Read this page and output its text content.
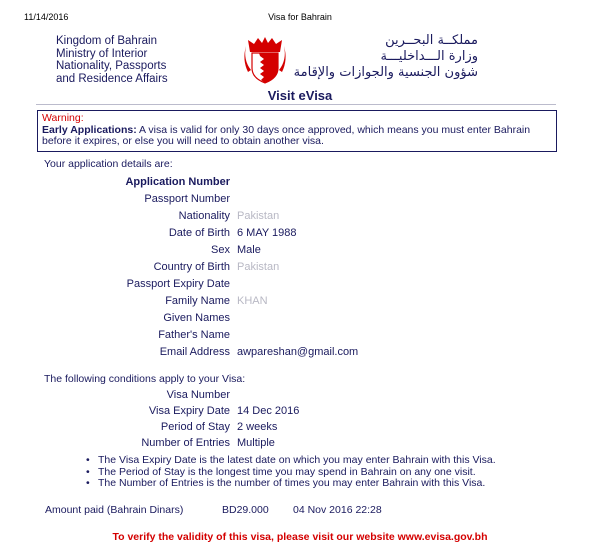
11/14/2016	Visa for Bahrain
Kingdom of Bahrain
Ministry of Interior
Nationality, Passports
and Residence Affairs
مملكــة البحــرين
وزارة الـــداخليـــة
شؤون الجنسية والجوازات والإقامة
Visit eVisa
Warning:
Early Applications: A visa is valid for only 30 days once approved, which means you must enter Bahrain before it expires, or else you will need to obtain another visa.
Your application details are:
Application Number
Passport Number
Nationality Pakistan
Date of Birth 6 MAY 1988
Sex Male
Country of Birth Pakistan
Passport Expiry Date
Family Name KHAN
Given Names
Father's Name
Email Address awpareshan@gmail.com
The following conditions apply to your Visa:
Visa Number
Visa Expiry Date 14 Dec 2016
Period of Stay 2 weeks
Number of Entries Multiple
• The Visa Expiry Date is the latest date on which you may enter Bahrain with this Visa.
• The Period of Stay is the longest time you may spend in Bahrain on any one visit.
• The Number of Entries is the number of times you may enter Bahrain with this Visa.
Amount paid (Bahrain Dinars)	BD29.000 04 Nov 2016 22:28
To verify the validity of this visa, please visit our website www.evisa.gov.bh
